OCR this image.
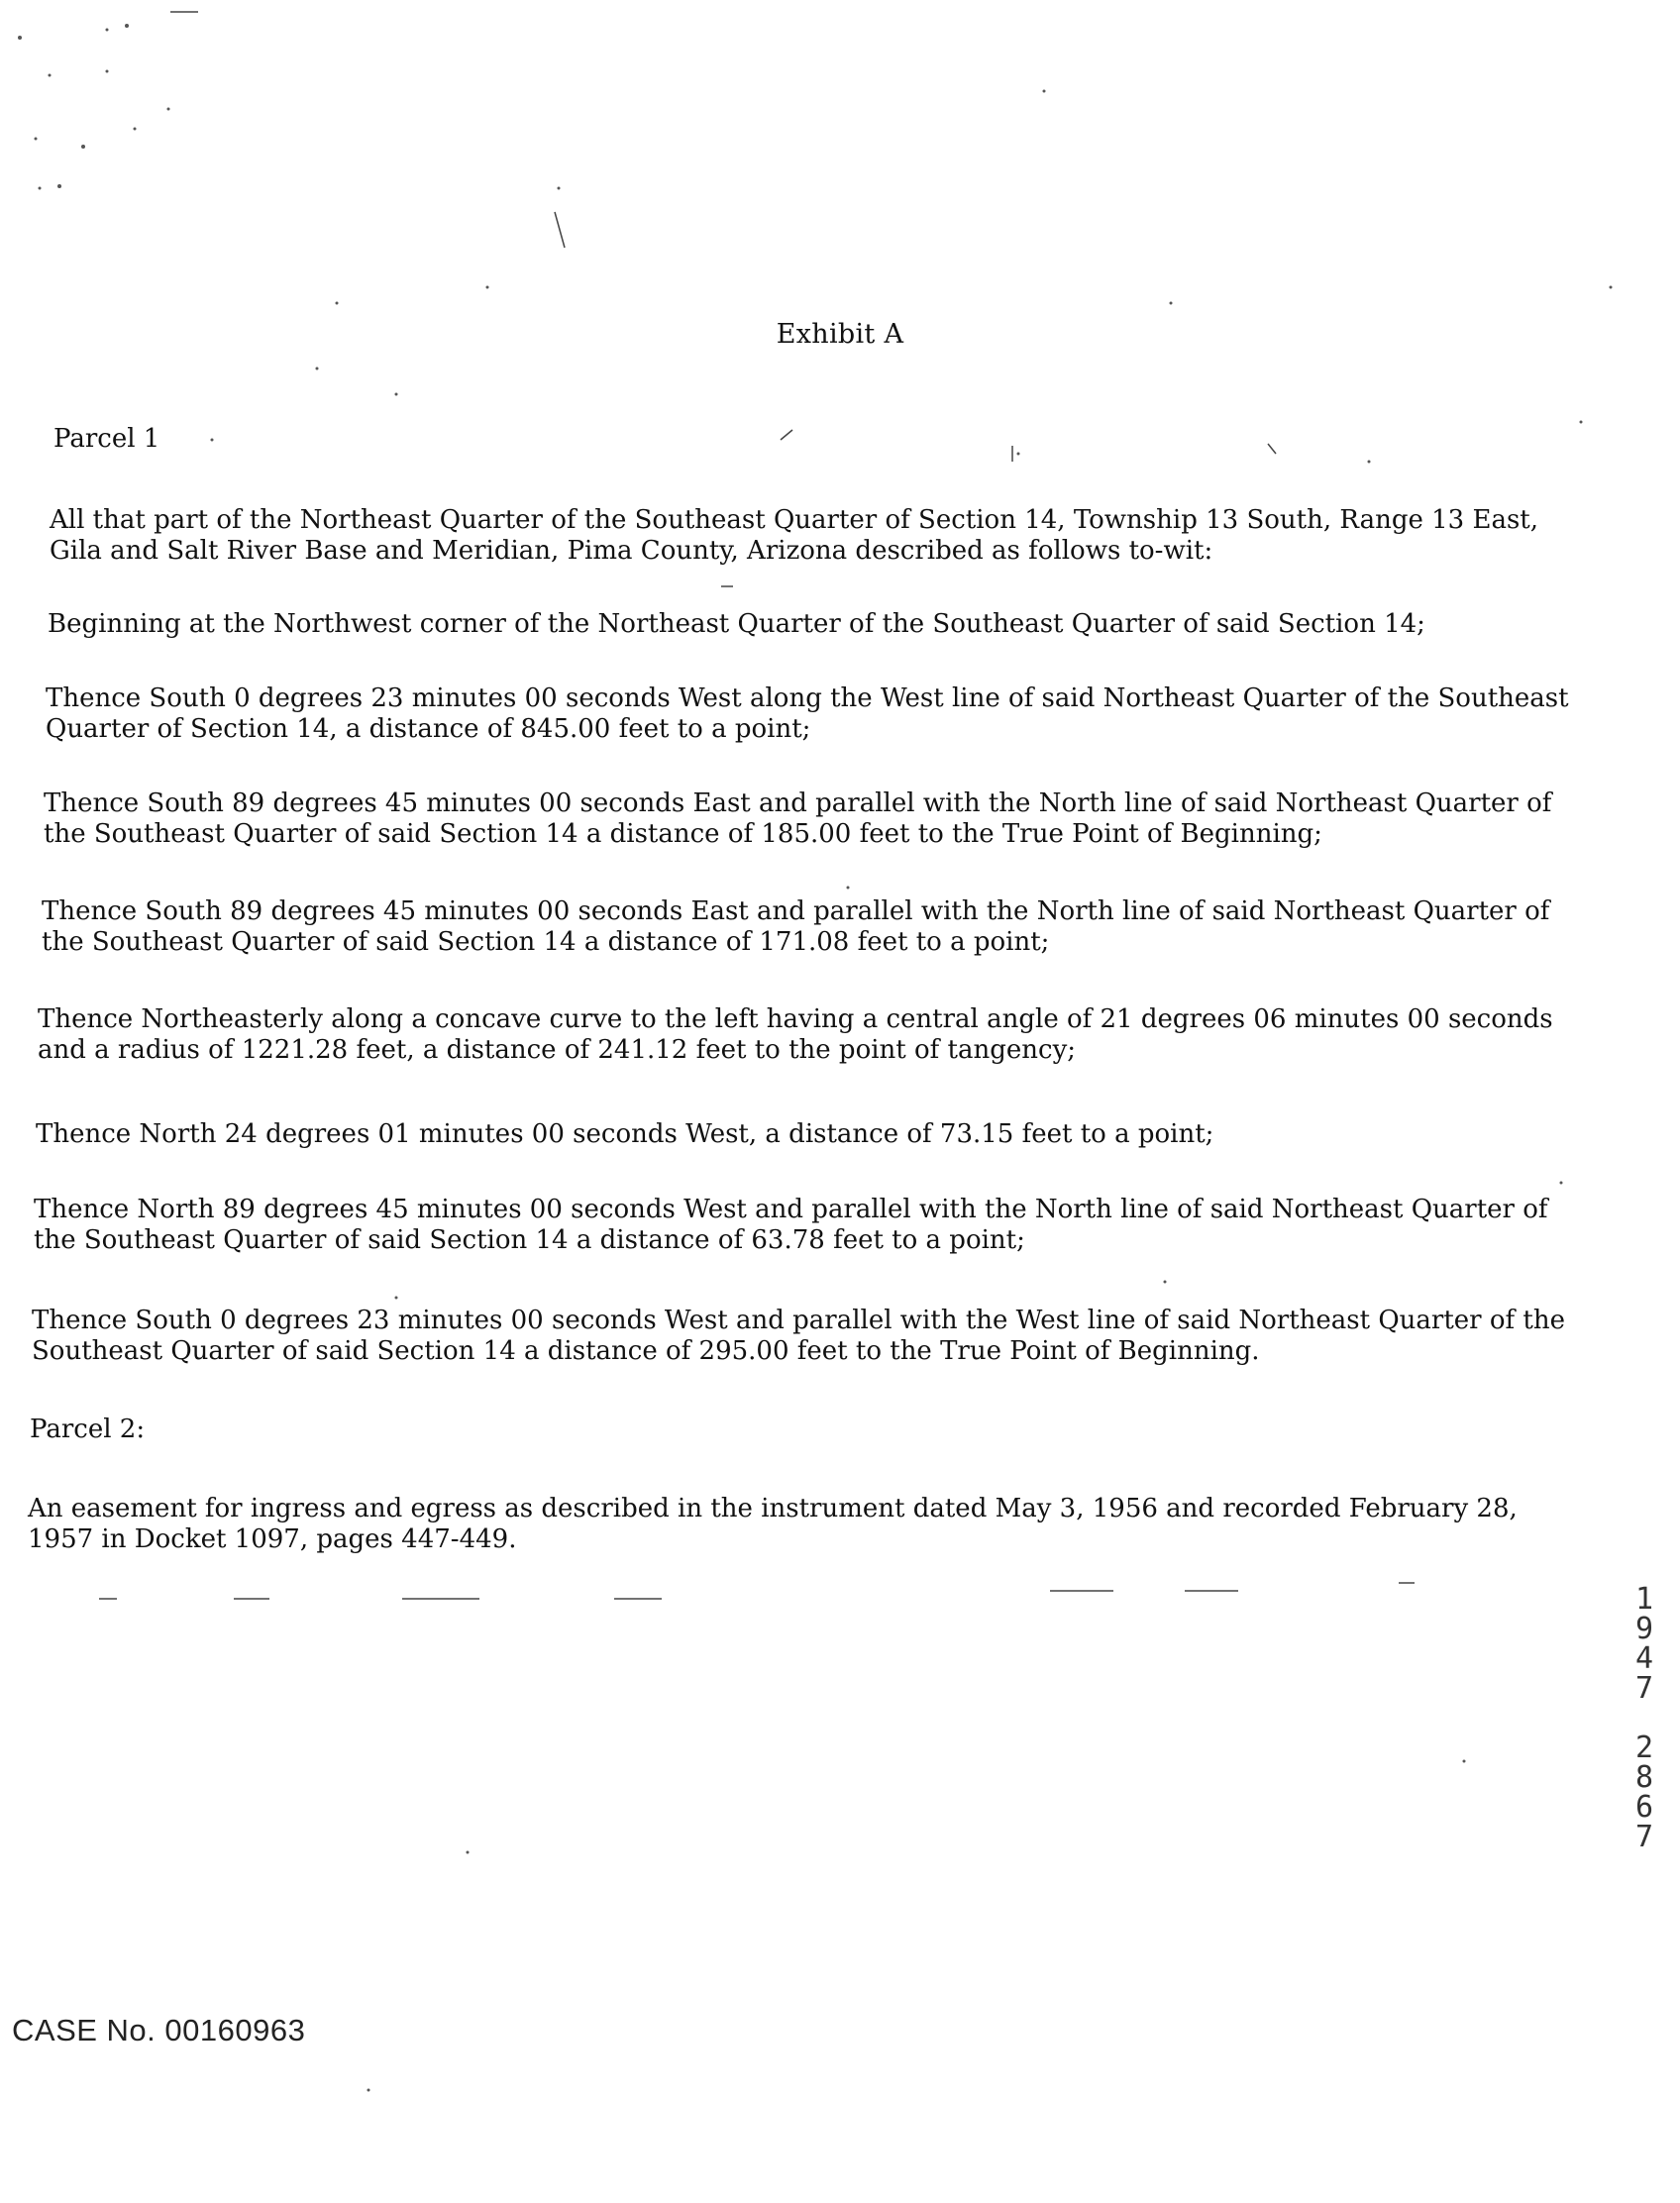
Exhibit A
Parcel 1
All that part of the Northeast Quarter of the Southeast Quarter of Section 14, Township 13 South, Range 13 East,
Gila and Salt River Base and Meridian, Pima County, Arizona described as follows to-wit:
Beginning at the Northwest corner of the Northeast Quarter of the Southeast Quarter of said Section 14;
Thence South 0 degrees 23 minutes 00 seconds West along the West line of said Northeast Quarter of the Southeast
Quarter of Section 14, a distance of 845.00 feet to a point;
Thence South 89 degrees 45 minutes 00 seconds East and parallel with the North line of said Northeast Quarter of
the Southeast Quarter of said Section 14 a distance of 185.00 feet to the True Point of Beginning;
Thence South 89 degrees 45 minutes 00 seconds East and parallel with the North line of said Northeast Quarter of
the Southeast Quarter of said Section 14 a distance of 171.08 feet to a point;
Thence Northeasterly along a concave curve to the left having a central angle of 21 degrees 06 minutes 00 seconds
and a radius of 1221.28 feet, a distance of 241.12 feet to the point of tangency;
Thence North 24 degrees 01 minutes 00 seconds West, a distance of 73.15 feet to a point;
Thence North 89 degrees 45 minutes 00 seconds West and parallel with the North line of said Northeast Quarter of
the Southeast Quarter of said Section 14 a distance of 63.78 feet to a point;
Thence South 0 degrees 23 minutes 00 seconds West and parallel with the West line of said Northeast Quarter of the
Southeast Quarter of said Section 14 a distance of 295.00 feet to the True Point of Beginning.
Parcel 2:
An easement for ingress and egress as described in the instrument dated May 3, 1956 and recorded February 28,
1957 in Docket 1097, pages 447-449.
1
9
4
7
2
8
6
7
CASE No. 00160963
